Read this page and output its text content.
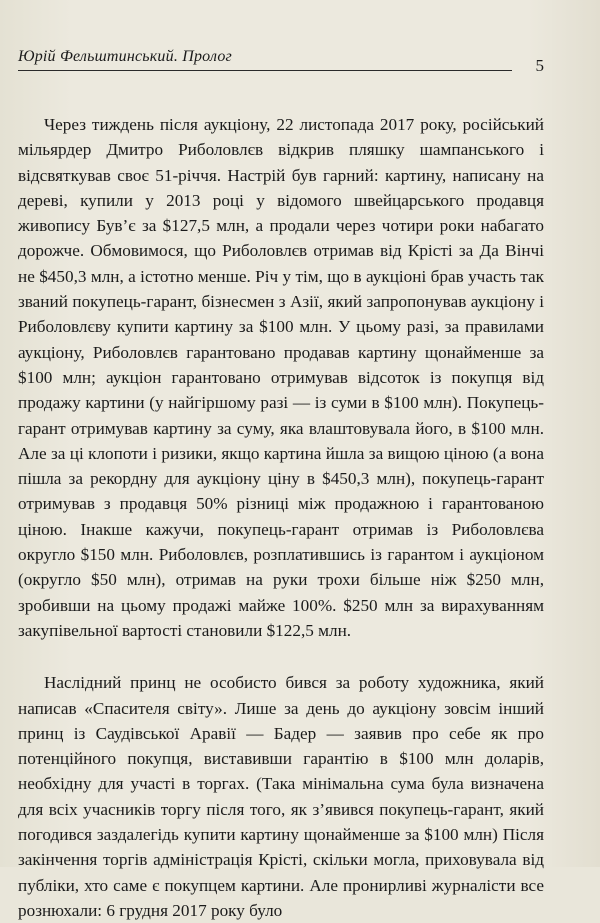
Юрій Фельштинський. Пролог	5

Через тиждень після аукціону, 22 листопада 2017 року, російський мільярдер Дмитро Риболовлєв відкрив пляшку шампанського і відсвяткував своє 51-річчя. Настрій був гарний: картину, написану на дереві, купили у 2013 році у відомого швейцарського продавця живопису Був’є за $127,5 млн, а продали через чотири роки набагато дорожче. Обмовимося, що Риболовлєв отримав від Крісті за Да Вінчі не $450,3 млн, а істотно менше. Річ у тім, що в аукціоні брав участь так званий покупець-гарант, бізнесмен з Азії, який запропонував аукціону і Риболовлєву купити картину за $100 млн. У цьому разі, за правилами аукціону, Риболовлєв гарантовано продавав картину щонайменше за $100 млн; аукціон гарантовано отримував відсоток із покупця від продажу картини (у найгіршому разі — із суми в $100 млн). Покупець-гарант отримував картину за суму, яка влаштовувала його, в $100 млн. Але за ці клопоти і ризики, якщо картина йшла за вищою ціною (а вона пішла за рекордну для аукціону ціну в $450,3 млн), покупець-гарант отримував з продавця 50% різниці між продажною і гарантованою ціною. Інакше кажучи, покупець-гарант отримав із Риболовлєва округло $150 млн. Риболовлєв, розплатившись із гарантом і аукціоном (округло $50 млн), отримав на руки трохи більше ніж $250 млн, зробивши на цьому продажі майже 100%. $250 млн за вирахуванням закупівельної вартості становили $122,5 млн.

Наслідний принц не особисто бився за роботу художника, який написав «Спасителя світу». Лише за день до аукціону зовсім інший принц із Саудівської Аравії — Бадер — заявив про себе як про потенційного покупця, виставивши гарантію в $100 млн доларів, необхідну для участі в торгах. (Така мінімальна сума була визначена для всіх учасників торгу після того, як з’явився покупець-гарант, який погодився заздалегідь купити картину щонайменше за $100 млн) Після закінчення торгів адміністрація Крісті, скільки могла, приховувала від публіки, хто саме є покупцем картини. Але пронирливі журналісти все рознюхали: 6 грудня 2017 року було
